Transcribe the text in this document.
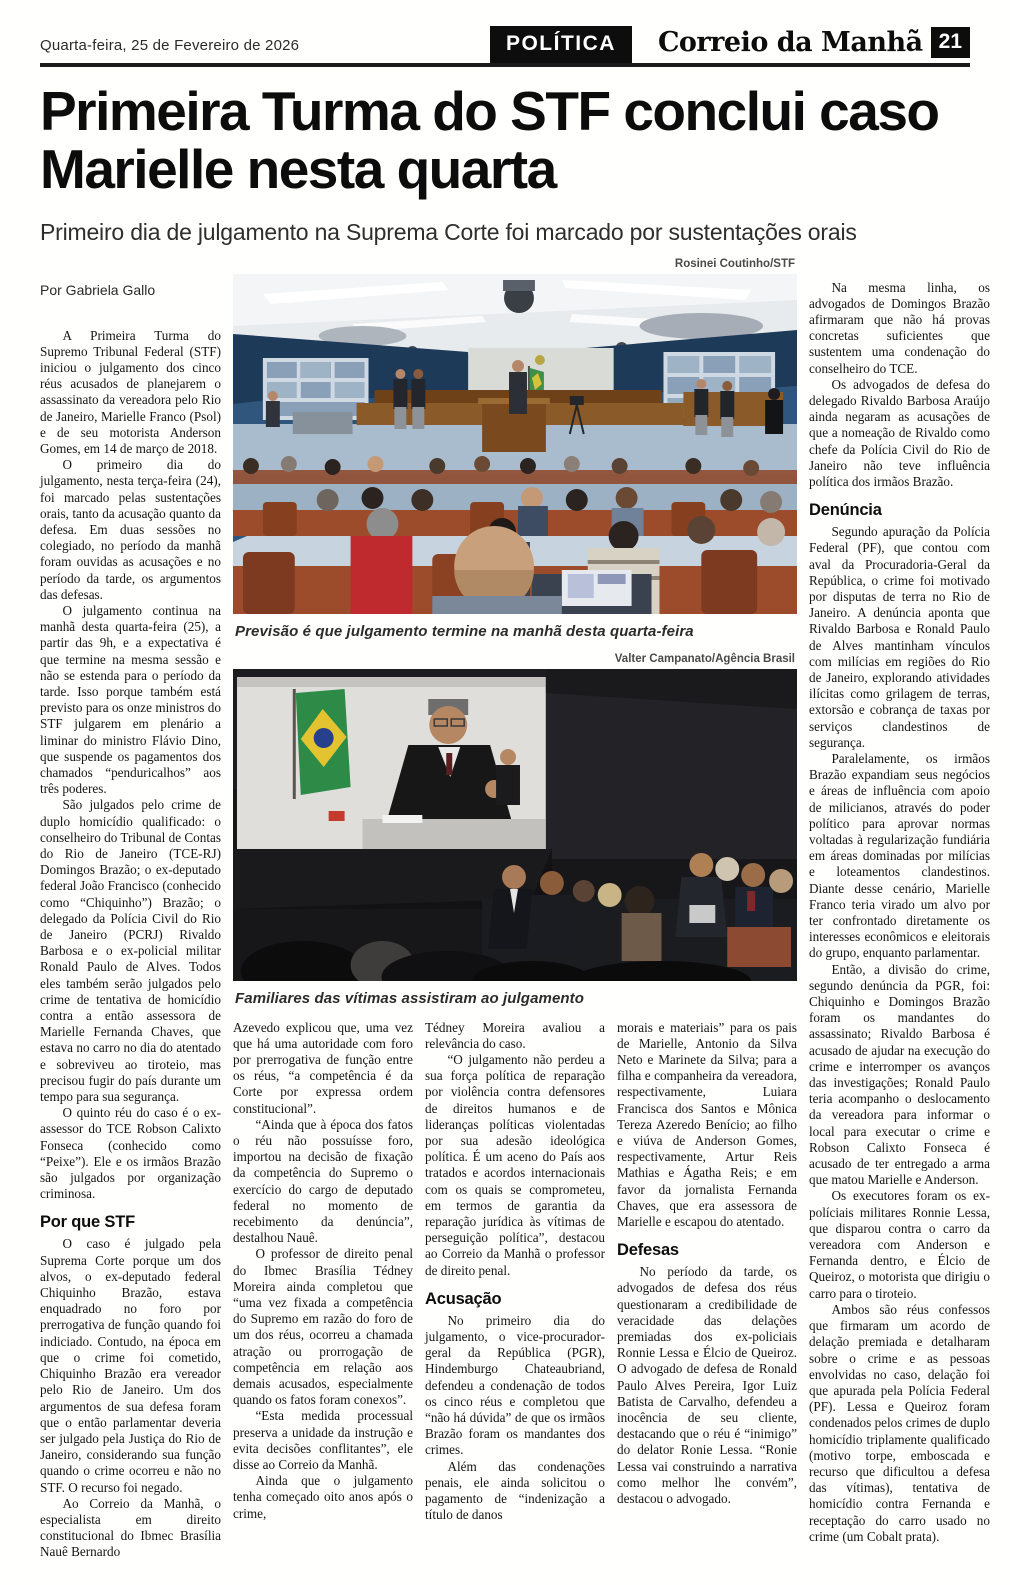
Quarta-feira, 25 de Fevereiro de 2026	POLÍTICA	Correio da Manhã 21
Primeira Turma do STF conclui caso Marielle nesta quarta

Primeiro dia de julgamento na Suprema Corte foi marcado por sustentações orais

Por Gabriela Gallo

A Primeira Turma do Supremo Tribunal Federal (STF) iniciou o julgamento dos cinco réus acusados de planejarem o assassinato da vereadora pelo Rio de Janeiro, Marielle Franco (Psol) e de seu motorista Anderson Gomes, em 14 de março de 2018.

O primeiro dia do julgamento, nesta terça-feira (24), foi marcado pelas sustentações orais, tanto da acusação quanto da defesa. Em duas sessões no colegiado, no período da manhã foram ouvidas as acusações e no período da tarde, os argumentos das defesas.

O julgamento continua na manhã desta quarta-feira (25), a partir das 9h, e a expectativa é que termine na mesma sessão e não se estenda para o período da tarde. Isso porque também está previsto para os onze ministros do STF julgarem em plenário a liminar do ministro Flávio Dino, que suspende os pagamentos dos chamados “penduricalhos” aos três poderes.

São julgados pelo crime de duplo homicídio qualificado: o conselheiro do Tribunal de Contas do Rio de Janeiro (TCE-RJ) Domingos Brazão; o ex-deputado federal João Francisco (conhecido como “Chiquinho”) Brazão; o delegado da Polícia Civil do Rio de Janeiro (PCRJ) Rivaldo Barbosa e o ex-policial militar Ronald Paulo de Alves. Todos eles também serão julgados pelo crime de tentativa de homicídio contra a então assessora de Marielle Fernanda Chaves, que estava no carro no dia do atentado e sobreviveu ao tiroteio, mas precisou fugir do país durante um tempo para sua segurança.

O quinto réu do caso é o ex-assessor do TCE Robson Calixto Fonseca (conhecido como “Peixe”). Ele e os irmãos Brazão são julgados por organização criminosa.

Por que STF

O caso é julgado pela Suprema Corte porque um dos alvos, o ex-deputado federal Chiquinho Brazão, estava enquadrado no foro por prerrogativa de função quando foi indiciado. Contudo, na época em que o crime foi cometido, Chiquinho Brazão era vereador pelo Rio de Janeiro. Um dos argumentos de sua defesa foram que o então parlamentar deveria ser julgado pela Justiça do Rio de Janeiro, considerando sua função quando o crime ocorreu e não no STF. O recurso foi negado.

Ao Correio da Manhã, o especialista em direito constitucional do Ibmec Brasília Nauê Bernardo

Rosinei Coutinho/STF
Previsão é que julgamento termine na manhã desta quarta-feira
Valter Campanato/Agência Brasil
Familiares das vítimas assistiram ao julgamento

Azevedo explicou que, uma vez que há uma autoridade com foro por prerrogativa de função entre os réus, “a competência é da Corte por expressa ordem constitucional”.

“Ainda que à época dos fatos o réu não possuísse foro, importou na decisão de fixação da competência do Supremo o exercício do cargo de deputado federal no momento de recebimento da denúncia”, destalhou Nauê.

O professor de direito penal do Ibmec Brasília Tédney Moreira ainda completou que “uma vez fixada a competência do Supremo em razão do foro de um dos réus, ocorreu a chamada atração ou prorrogação de competência em relação aos demais acusados, especialmente quando os fatos foram conexos”.

“Esta medida processual preserva a unidade da instrução e evita decisões conflitantes”, ele disse ao Correio da Manhã.

Ainda que o julgamento tenha começado oito anos após o crime,

Tédney Moreira avaliou a relevância do caso.

“O julgamento não perdeu a sua força política de reparação por violência contra defensores de direitos humanos e de lideranças políticas violentadas por sua adesão ideológica política. É um aceno do País aos tratados e acordos internacionais com os quais se comprometeu, em termos de garantia da reparação jurídica às vítimas de perseguição política”, destacou ao Correio da Manhã o professor de direito penal.

Acusação

No primeiro dia do julgamento, o vice-procurador-geral da República (PGR), Hindemburgo Chateaubriand, defendeu a condenação de todos os cinco réus e completou que “não há dúvida” de que os irmãos Brazão foram os mandantes dos crimes.

Além das condenações penais, ele ainda solicitou o pagamento de “indenização a título de danos

morais e materiais” para os pais de Marielle, Antonio da Silva Neto e Marinete da Silva; para a filha e companheira da vereadora, respectivamente, Luiara Francisca dos Santos e Mônica Tereza Azeredo Benício; ao filho e viúva de Anderson Gomes, respectivamente, Artur Reis Mathias e Ágatha Reis; e em favor da jornalista Fernanda Chaves, que era assessora de Marielle e escapou do atentado.

Defesas

No período da tarde, os advogados de defesa dos réus questionaram a credibilidade de veracidade das delações premiadas dos ex-policiais Ronnie Lessa e Élcio de Queiroz. O advogado de defesa de Ronald Paulo Alves Pereira, Igor Luiz Batista de Carvalho, defendeu a inocência de seu cliente, destacando que o réu é “inimigo” do delator Ronie Lessa. “Ronie Lessa vai construindo a narrativa como melhor lhe convém”, destacou o advogado.

Na mesma linha, os advogados de Domingos Brazão afirmaram que não há provas concretas suficientes que sustentem uma condenação do conselheiro do TCE.

Os advogados de defesa do delegado Rivaldo Barbosa Araújo ainda negaram as acusações de que a nomeação de Rivaldo como chefe da Polícia Civil do Rio de Janeiro não teve influência política dos irmãos Brazão.

Denúncia

Segundo apuração da Polícia Federal (PF), que contou com aval da Procuradoria-Geral da República, o crime foi motivado por disputas de terra no Rio de Janeiro. A denúncia aponta que Rivaldo Barbosa e Ronald Paulo de Alves mantinham vínculos com milícias em regiões do Rio de Janeiro, explorando atividades ilícitas como grilagem de terras, extorsão e cobrança de taxas por serviços clandestinos de segurança.

Paralelamente, os irmãos Brazão expandiam seus negócios e áreas de influência com apoio de milicianos, através do poder político para aprovar normas voltadas à regularização fundiária em áreas dominadas por milícias e loteamentos clandestinos. Diante desse cenário, Marielle Franco teria virado um alvo por ter confrontado diretamente os interesses econômicos e eleitorais do grupo, enquanto parlamentar.

Então, a divisão do crime, segundo denúncia da PGR, foi: Chiquinho e Domingos Brazão foram os mandantes do assassinato; Rivaldo Barbosa é acusado de ajudar na execução do crime e interromper os avanços das investigações; Ronald Paulo teria acompanho o deslocamento da vereadora para informar o local para executar o crime e Robson Calixto Fonseca é acusado de ter entregado a arma que matou Marielle e Anderson.

Os executores foram os ex-políciais militares Ronnie Lessa, que disparou contra o carro da vereadora com Anderson e Fernanda dentro, e Élcio de Queiroz, o motorista que dirigiu o carro para o tiroteio.

Ambos são réus confessos que firmaram um acordo de delação premiada e detalharam sobre o crime e as pessoas envolvidas no caso, delação foi que apurada pela Polícia Federal (PF). Lessa e Queiroz foram condenados pelos crimes de duplo homicídio triplamente qualificado (motivo torpe, emboscada e recurso que dificultou a defesa das vítimas), tentativa de homicídio contra Fernanda e receptação do carro usado no crime (um Cobalt prata).
